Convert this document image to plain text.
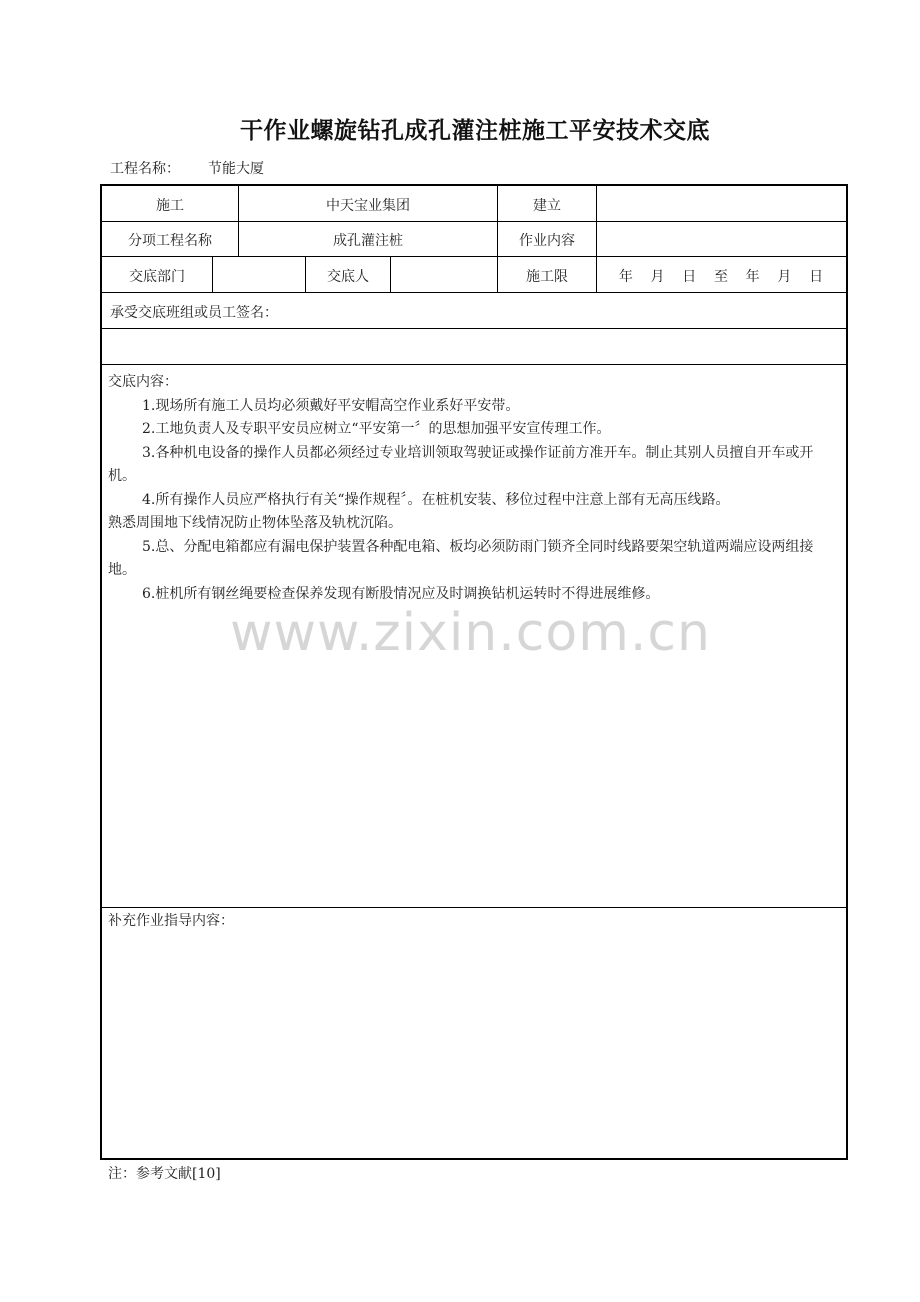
干作业螺旋钻孔成孔灌注桩施工平安技术交底
工程名称： 节能大厦
施工	中天宝业集团	建立
分项工程名称	成孔灌注桩	作业内容
交底部门	交底人	施工限	年 月 日 至 年 月 日
承受交底班组或员工签名：

交底内容：

1.现场所有施工人员均必须戴好平安帽高空作业系好平安带。

2.工地负责人及专职平安员应树立“平安第一〞的思想加强平安宣传理工作。

3.各种机电设备的操作人员都必须经过专业培训领取驾驶证或操作证前方准开车。制止其别人员擅自开车或开机。

4.所有操作人员应严格执行有关“操作规程〞。在桩机安装、移位过程中注意上部有无高压线路。

熟悉周围地下线情况防止物体坠落及轨枕沉陷。

5.总、分配电箱都应有漏电保护装置各种配电箱、板均必须防雨门锁齐全同时线路要架空轨道两端应设两组接地。

6.桩机所有钢丝绳要检查保养发现有断股情况应及时调换钻机运转时不得进展维修。

www.zixin.com.cn
补充作业指导内容：
注：参考文献[10]
